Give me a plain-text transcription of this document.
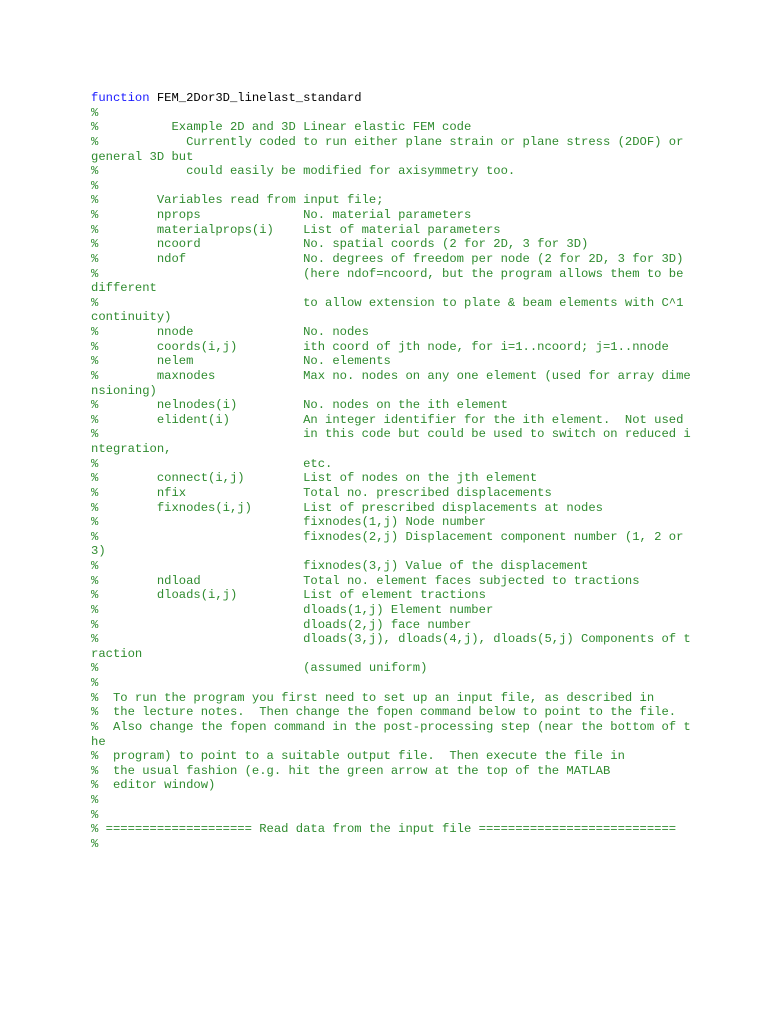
function FEM_2Dor3D_linelast_standard
%
%          Example 2D and 3D Linear elastic FEM code
%            Currently coded to run either plane strain or plane stress (2DOF) or general 3D but
%            could easily be modified for axisymmetry too.
%
%        Variables read from input file;
%        nprops              No. material parameters
%        materialprops(i)    List of material parameters
%        ncoord              No. spatial coords (2 for 2D, 3 for 3D)
%        ndof                No. degrees of freedom per node (2 for 2D, 3 for 3D)
%                            (here ndof=ncoord, but the program allows them to be different
%                            to allow extension to plate & beam elements with C^1 continuity)
%        nnode               No. nodes
%        coords(i,j)         ith coord of jth node, for i=1..ncoord; j=1..nnode
%        nelem               No. elements
%        maxnodes            Max no. nodes on any one element (used for array dimensioning)
%        nelnodes(i)         No. nodes on the ith element
%        elident(i)          An integer identifier for the ith element.  Not used
%                            in this code but could be used to switch on reduced integration,
%                            etc.
%        connect(i,j)        List of nodes on the jth element
%        nfix                Total no. prescribed displacements
%        fixnodes(i,j)       List of prescribed displacements at nodes
%                            fixnodes(1,j) Node number
%                            fixnodes(2,j) Displacement component number (1, 2 or 3)
%                            fixnodes(3,j) Value of the displacement
%        ndload              Total no. element faces subjected to tractions
%        dloads(i,j)         List of element tractions
%                            dloads(1,j) Element number
%                            dloads(2,j) face number
%                            dloads(3,j), dloads(4,j), dloads(5,j) Components of traction
%                            (assumed uniform)
%
%  To run the program you first need to set up an input file, as described in
%  the lecture notes.  Then change the fopen command below to point to the file.
%  Also change the fopen command in the post-processing step (near the bottom of the
%  program) to point to a suitable output file.  Then execute the file in
%  the usual fashion (e.g. hit the green arrow at the top of the MATLAB
%  editor window)
%
%
% ==================== Read data from the input file ===========================
%
